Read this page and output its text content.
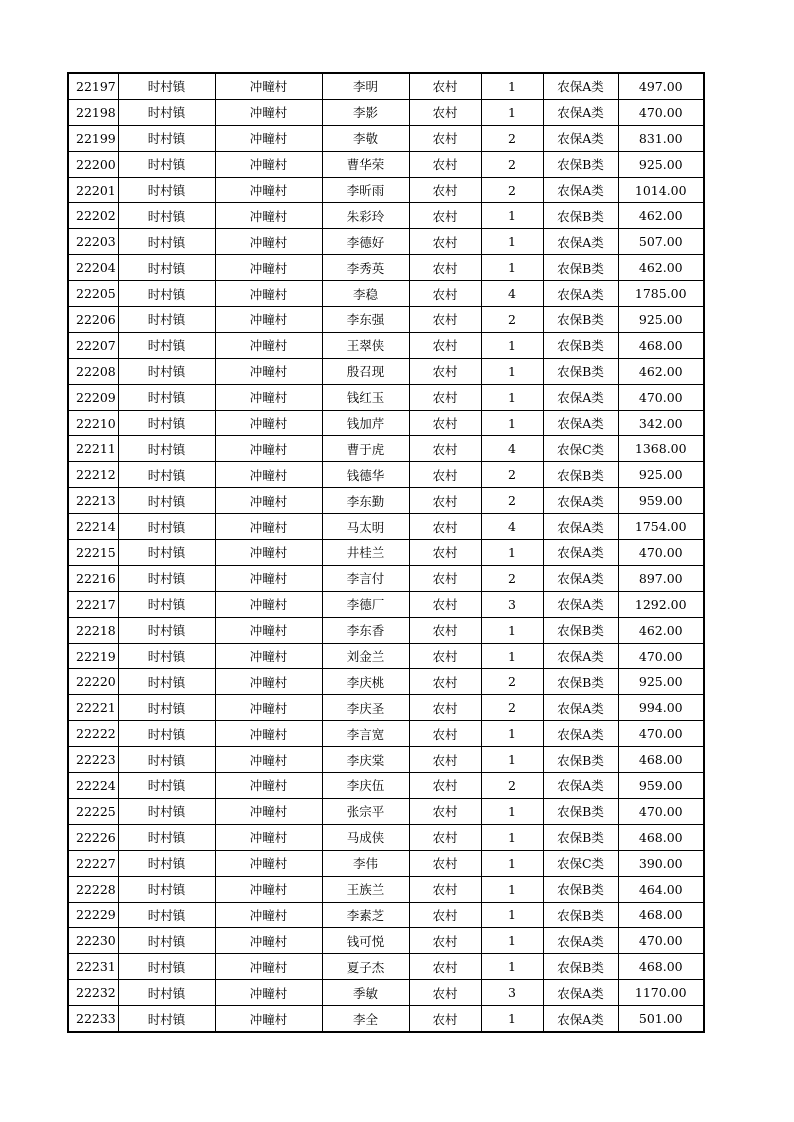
22197	时村镇	冲疃村	李明	农村	1	农保A类	497.00
22198	时村镇	冲疃村	李影	农村	1	农保A类	470.00
22199	时村镇	冲疃村	李敬	农村	2	农保A类	831.00
22200	时村镇	冲疃村	曹华荣	农村	2	农保B类	925.00
22201	时村镇	冲疃村	李昕雨	农村	2	农保A类	1014.00
22202	时村镇	冲疃村	朱彩玲	农村	1	农保B类	462.00
22203	时村镇	冲疃村	李德好	农村	1	农保A类	507.00
22204	时村镇	冲疃村	李秀英	农村	1	农保B类	462.00
22205	时村镇	冲疃村	李稳	农村	4	农保A类	1785.00
22206	时村镇	冲疃村	李东强	农村	2	农保B类	925.00
22207	时村镇	冲疃村	王翠侠	农村	1	农保B类	468.00
22208	时村镇	冲疃村	殷召现	农村	1	农保B类	462.00
22209	时村镇	冲疃村	钱红玉	农村	1	农保A类	470.00
22210	时村镇	冲疃村	钱加芹	农村	1	农保A类	342.00
22211	时村镇	冲疃村	曹于虎	农村	4	农保C类	1368.00
22212	时村镇	冲疃村	钱德华	农村	2	农保B类	925.00
22213	时村镇	冲疃村	李东勤	农村	2	农保A类	959.00
22214	时村镇	冲疃村	马太明	农村	4	农保A类	1754.00
22215	时村镇	冲疃村	井桂兰	农村	1	农保A类	470.00
22216	时村镇	冲疃村	李言付	农村	2	农保A类	897.00
22217	时村镇	冲疃村	李德厂	农村	3	农保A类	1292.00
22218	时村镇	冲疃村	李东香	农村	1	农保B类	462.00
22219	时村镇	冲疃村	刘金兰	农村	1	农保A类	470.00
22220	时村镇	冲疃村	李庆桃	农村	2	农保B类	925.00
22221	时村镇	冲疃村	李庆圣	农村	2	农保A类	994.00
22222	时村镇	冲疃村	李言宽	农村	1	农保A类	470.00
22223	时村镇	冲疃村	李庆棠	农村	1	农保B类	468.00
22224	时村镇	冲疃村	李庆伍	农村	2	农保A类	959.00
22225	时村镇	冲疃村	张宗平	农村	1	农保B类	470.00
22226	时村镇	冲疃村	马成侠	农村	1	农保B类	468.00
22227	时村镇	冲疃村	李伟	农村	1	农保C类	390.00
22228	时村镇	冲疃村	王族兰	农村	1	农保B类	464.00
22229	时村镇	冲疃村	李素芝	农村	1	农保B类	468.00
22230	时村镇	冲疃村	钱可悦	农村	1	农保A类	470.00
22231	时村镇	冲疃村	夏子杰	农村	1	农保B类	468.00
22232	时村镇	冲疃村	季敏	农村	3	农保A类	1170.00
22233	时村镇	冲疃村	李全	农村	1	农保A类	501.00
